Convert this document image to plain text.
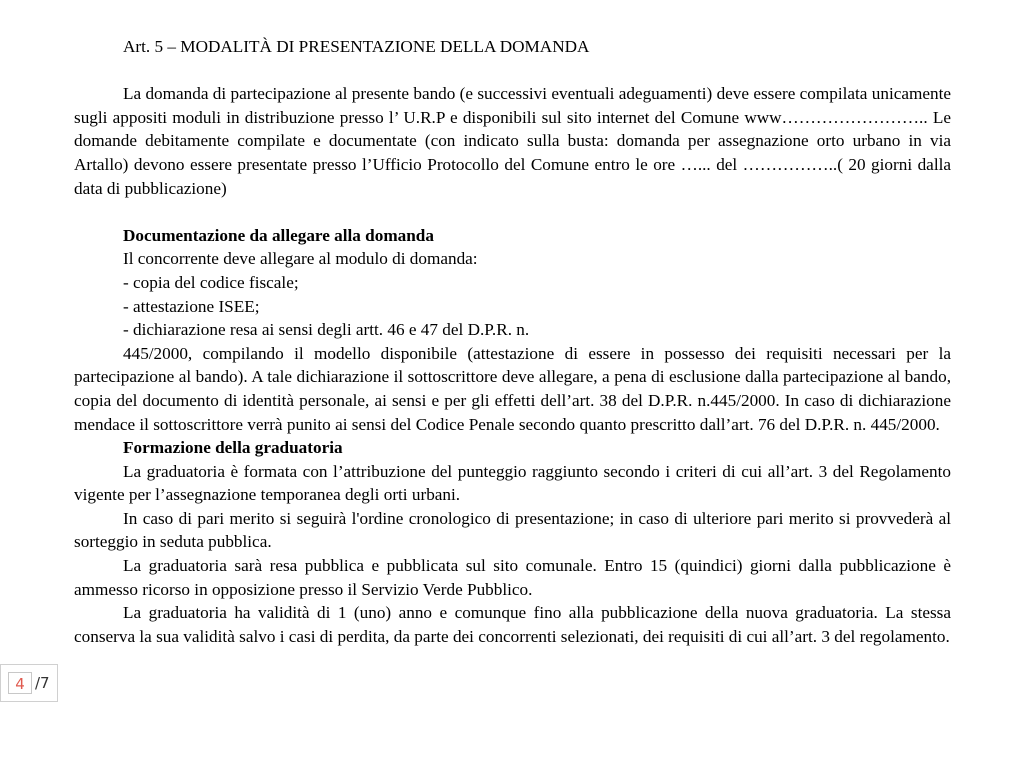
Art. 5 – MODALITÀ DI PRESENTAZIONE DELLA DOMANDA

La domanda di partecipazione al presente bando (e successivi eventuali adeguamenti) deve essere compilata unicamente sugli appositi moduli in distribuzione presso l’ U.R.P e disponibili sul sito internet del Comune www…………………….. Le domande debitamente compilate e documentate (con indicato sulla busta: domanda per assegnazione orto urbano in via Artallo) devono essere presentate presso l’Ufficio Protocollo del Comune entro le ore …... del ……………..( 20 giorni dalla data di pubblicazione)

Documentazione da allegare alla domanda

Il concorrente deve allegare al modulo di domanda:

- copia del codice fiscale;

- attestazione ISEE;

- dichiarazione resa ai sensi degli artt. 46 e 47 del D.P.R. n.

445/2000, compilando il modello disponibile (attestazione di essere in possesso dei requisiti necessari per la partecipazione al bando). A tale dichiarazione il sottoscrittore deve allegare, a pena di esclusione dalla partecipazione al bando, copia del documento di identità personale, ai sensi e per gli effetti dell’art. 38 del D.P.R. n.445/2000. In caso di dichiarazione mendace il sottoscrittore verrà punito ai sensi del Codice Penale secondo quanto prescritto dall’art. 76 del D.P.R. n. 445/2000.

Formazione della graduatoria

La graduatoria è formata con l’attribuzione del punteggio raggiunto secondo i criteri di cui all’art. 3 del Regolamento vigente per l’assegnazione temporanea degli orti urbani.

In caso di pari merito si seguirà l'ordine cronologico di presentazione; in caso di ulteriore pari merito si provvederà al sorteggio in seduta pubblica.

La graduatoria sarà resa pubblica e pubblicata sul sito comunale. Entro 15 (quindici) giorni dalla pubblicazione è ammesso ricorso in opposizione presso il Servizio Verde Pubblico.

La graduatoria ha validità di 1 (uno) anno e comunque fino alla pubblicazione della nuova graduatoria. La stessa conserva la sua validità salvo i casi di perdita, da parte dei concorrenti selezionati, dei requisiti di cui all’art. 3 del regolamento.

4 /7
